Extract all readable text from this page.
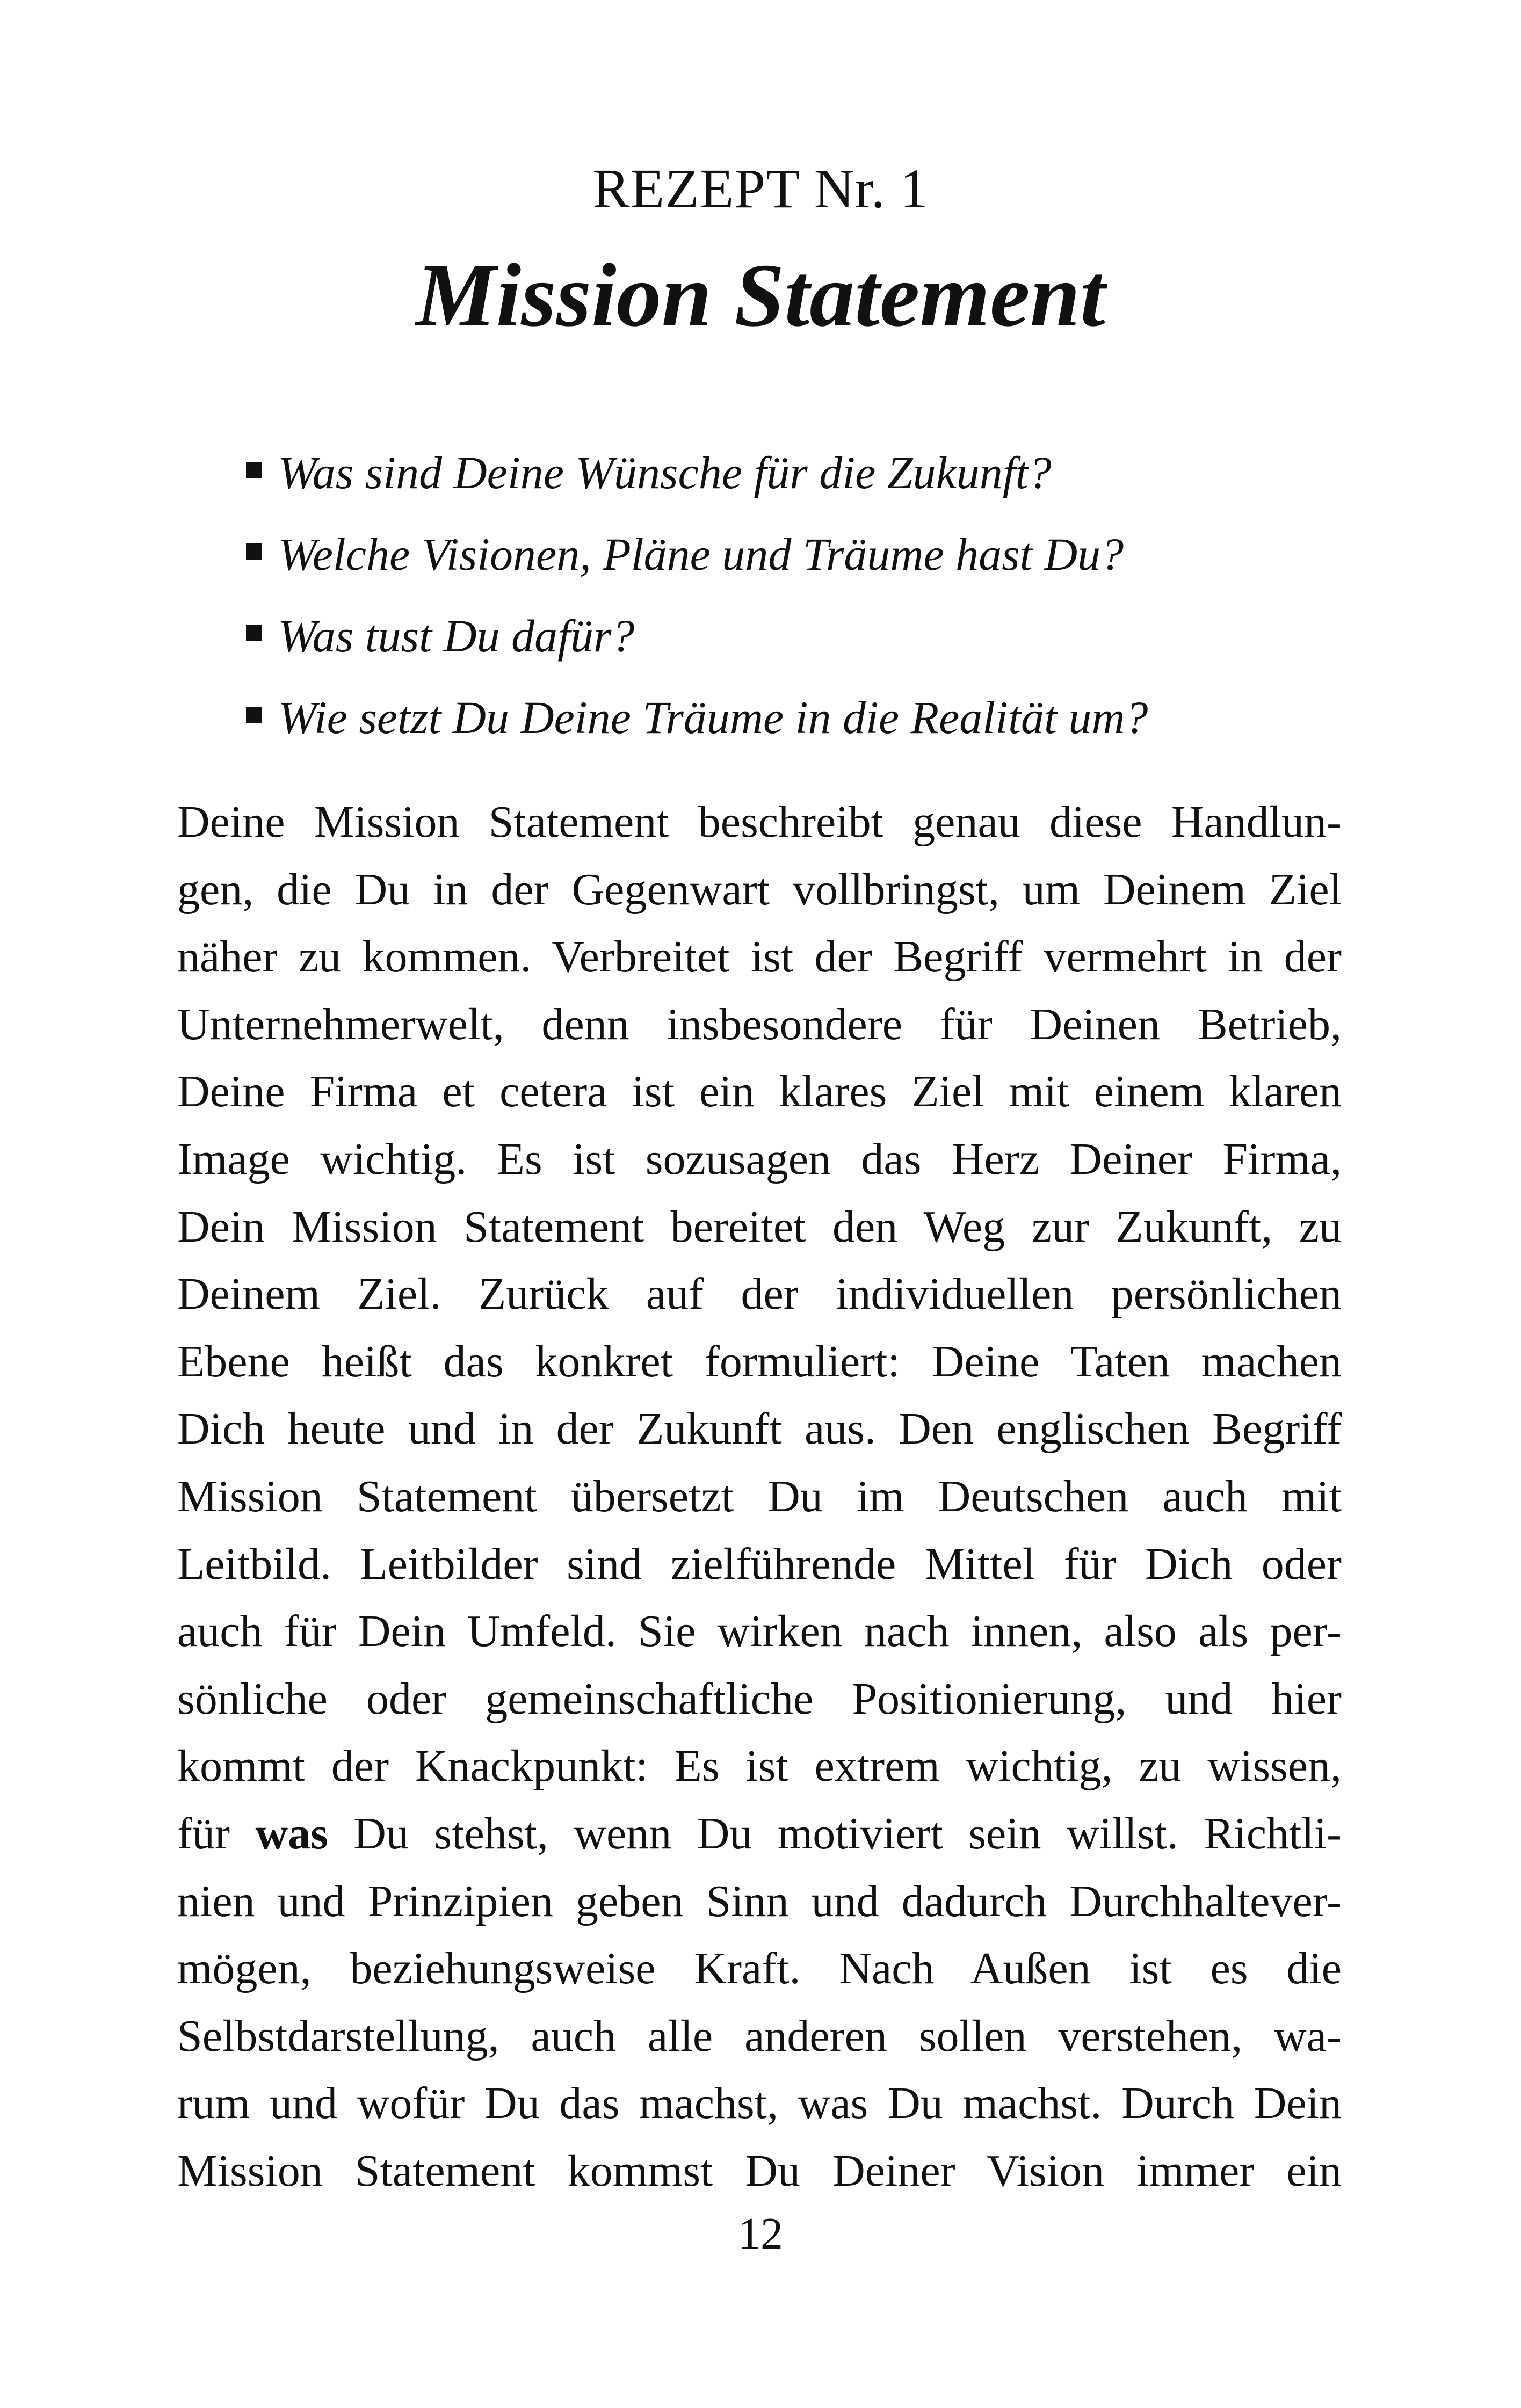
REZEPT Nr. 1
Mission Statement
Was sind Deine Wünsche für die Zukunft?
Welche Visionen, Pläne und Träume hast Du?
Was tust Du dafür?
Wie setzt Du Deine Träume in die Realität um?
Deine Mission Statement beschreibt genau diese Handlun-
gen, die Du in der Gegenwart vollbringst, um Deinem Ziel
näher zu kommen. Verbreitet ist der Begriff vermehrt in der
Unternehmerwelt, denn insbesondere für Deinen Betrieb,
Deine Firma et cetera ist ein klares Ziel mit einem klaren
Image wichtig. Es ist sozusagen das Herz Deiner Firma,
Dein Mission Statement bereitet den Weg zur Zukunft, zu
Deinem Ziel. Zurück auf der individuellen persönlichen
Ebene heißt das konkret formuliert: Deine Taten machen
Dich heute und in der Zukunft aus. Den englischen Begriff
Mission Statement übersetzt Du im Deutschen auch mit
Leitbild. Leitbilder sind zielführende Mittel für Dich oder
auch für Dein Umfeld. Sie wirken nach innen, also als per-
sönliche oder gemeinschaftliche Positionierung, und hier
kommt der Knackpunkt: Es ist extrem wichtig, zu wissen,
für was Du stehst, wenn Du motiviert sein willst. Richtli-
nien und Prinzipien geben Sinn und dadurch Durchhaltever-
mögen, beziehungsweise Kraft. Nach Außen ist es die
Selbstdarstellung, auch alle anderen sollen verstehen, wa-
rum und wofür Du das machst, was Du machst. Durch Dein
Mission Statement kommst Du Deiner Vision immer ein
12
